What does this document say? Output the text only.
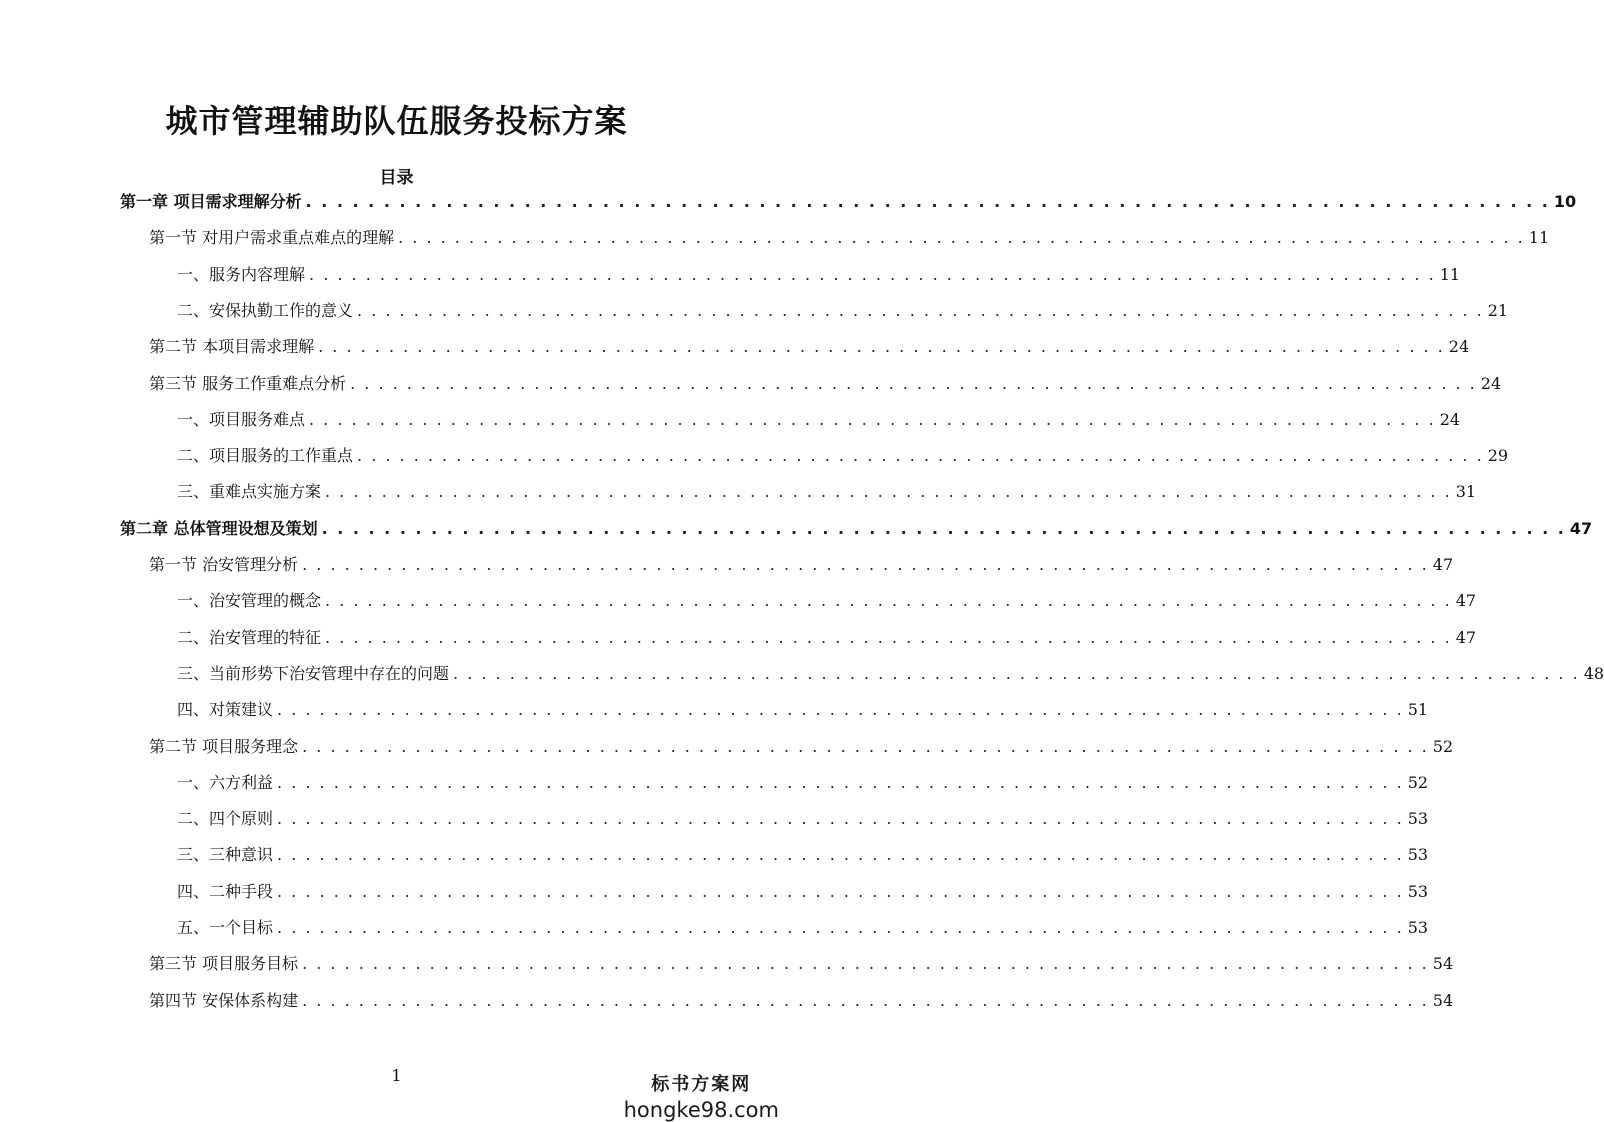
城市管理辅助队伍服务投标方案
目录
第一章 项目需求理解分析 . . . . . . . . . . . . . . . . . . . . . . . . . . . . . . . . . . . . . . . . . . . . . . . . . . . . . . . . . . . . . . . . . . . . . . . . . . . . . . . . 10
第一节 对用户需求重点难点的理解 . . . . . . . . . . . . . . . . . . . . . . . . . . . . . . . . . . . . . . . . . . . . . . . . . . . . . . . . . . . . . . . . . . . . . . . . . . . . . . . . 11
一、服务内容理解 . . . . . . . . . . . . . . . . . . . . . . . . . . . . . . . . . . . . . . . . . . . . . . . . . . . . . . . . . . . . . . . . . . . . . . . . . . . . . . . . 11
二、安保执勤工作的意义 . . . . . . . . . . . . . . . . . . . . . . . . . . . . . . . . . . . . . . . . . . . . . . . . . . . . . . . . . . . . . . . . . . . . . . . . . . . . . . . . 21
第二节 本项目需求理解 . . . . . . . . . . . . . . . . . . . . . . . . . . . . . . . . . . . . . . . . . . . . . . . . . . . . . . . . . . . . . . . . . . . . . . . . . . . . . . . . 24
第三节 服务工作重难点分析 . . . . . . . . . . . . . . . . . . . . . . . . . . . . . . . . . . . . . . . . . . . . . . . . . . . . . . . . . . . . . . . . . . . . . . . . . . . . . . . . 24
一、项目服务难点 . . . . . . . . . . . . . . . . . . . . . . . . . . . . . . . . . . . . . . . . . . . . . . . . . . . . . . . . . . . . . . . . . . . . . . . . . . . . . . . . 24
二、项目服务的工作重点 . . . . . . . . . . . . . . . . . . . . . . . . . . . . . . . . . . . . . . . . . . . . . . . . . . . . . . . . . . . . . . . . . . . . . . . . . . . . . . . . 29
三、重难点实施方案 . . . . . . . . . . . . . . . . . . . . . . . . . . . . . . . . . . . . . . . . . . . . . . . . . . . . . . . . . . . . . . . . . . . . . . . . . . . . . . . . 31
第二章 总体管理设想及策划 . . . . . . . . . . . . . . . . . . . . . . . . . . . . . . . . . . . . . . . . . . . . . . . . . . . . . . . . . . . . . . . . . . . . . . . . . . . . . . . . 47
第一节 治安管理分析 . . . . . . . . . . . . . . . . . . . . . . . . . . . . . . . . . . . . . . . . . . . . . . . . . . . . . . . . . . . . . . . . . . . . . . . . . . . . . . . . 47
一、治安管理的概念 . . . . . . . . . . . . . . . . . . . . . . . . . . . . . . . . . . . . . . . . . . . . . . . . . . . . . . . . . . . . . . . . . . . . . . . . . . . . . . . . 47
二、治安管理的特征 . . . . . . . . . . . . . . . . . . . . . . . . . . . . . . . . . . . . . . . . . . . . . . . . . . . . . . . . . . . . . . . . . . . . . . . . . . . . . . . . 47
三、当前形势下治安管理中存在的问题 . . . . . . . . . . . . . . . . . . . . . . . . . . . . . . . . . . . . . . . . . . . . . . . . . . . . . . . . . . . . . . . . . . . . . . . . . . . . . . . . 48
四、对策建议 . . . . . . . . . . . . . . . . . . . . . . . . . . . . . . . . . . . . . . . . . . . . . . . . . . . . . . . . . . . . . . . . . . . . . . . . . . . . . . . . 51
第二节 项目服务理念 . . . . . . . . . . . . . . . . . . . . . . . . . . . . . . . . . . . . . . . . . . . . . . . . . . . . . . . . . . . . . . . . . . . . . . . . . . . . . . . . 52
一、六方利益 . . . . . . . . . . . . . . . . . . . . . . . . . . . . . . . . . . . . . . . . . . . . . . . . . . . . . . . . . . . . . . . . . . . . . . . . . . . . . . . . 52
二、四个原则 . . . . . . . . . . . . . . . . . . . . . . . . . . . . . . . . . . . . . . . . . . . . . . . . . . . . . . . . . . . . . . . . . . . . . . . . . . . . . . . . 53
三、三种意识 . . . . . . . . . . . . . . . . . . . . . . . . . . . . . . . . . . . . . . . . . . . . . . . . . . . . . . . . . . . . . . . . . . . . . . . . . . . . . . . . 53
四、二种手段 . . . . . . . . . . . . . . . . . . . . . . . . . . . . . . . . . . . . . . . . . . . . . . . . . . . . . . . . . . . . . . . . . . . . . . . . . . . . . . . . 53
五、一个目标 . . . . . . . . . . . . . . . . . . . . . . . . . . . . . . . . . . . . . . . . . . . . . . . . . . . . . . . . . . . . . . . . . . . . . . . . . . . . . . . . 53
第三节 项目服务目标 . . . . . . . . . . . . . . . . . . . . . . . . . . . . . . . . . . . . . . . . . . . . . . . . . . . . . . . . . . . . . . . . . . . . . . . . . . . . . . . . 54
第四节 安保体系构建 . . . . . . . . . . . . . . . . . . . . . . . . . . . . . . . . . . . . . . . . . . . . . . . . . . . . . . . . . . . . . . . . . . . . . . . . . . . . . . . . 54
1	标书方案网
hongke98.com
